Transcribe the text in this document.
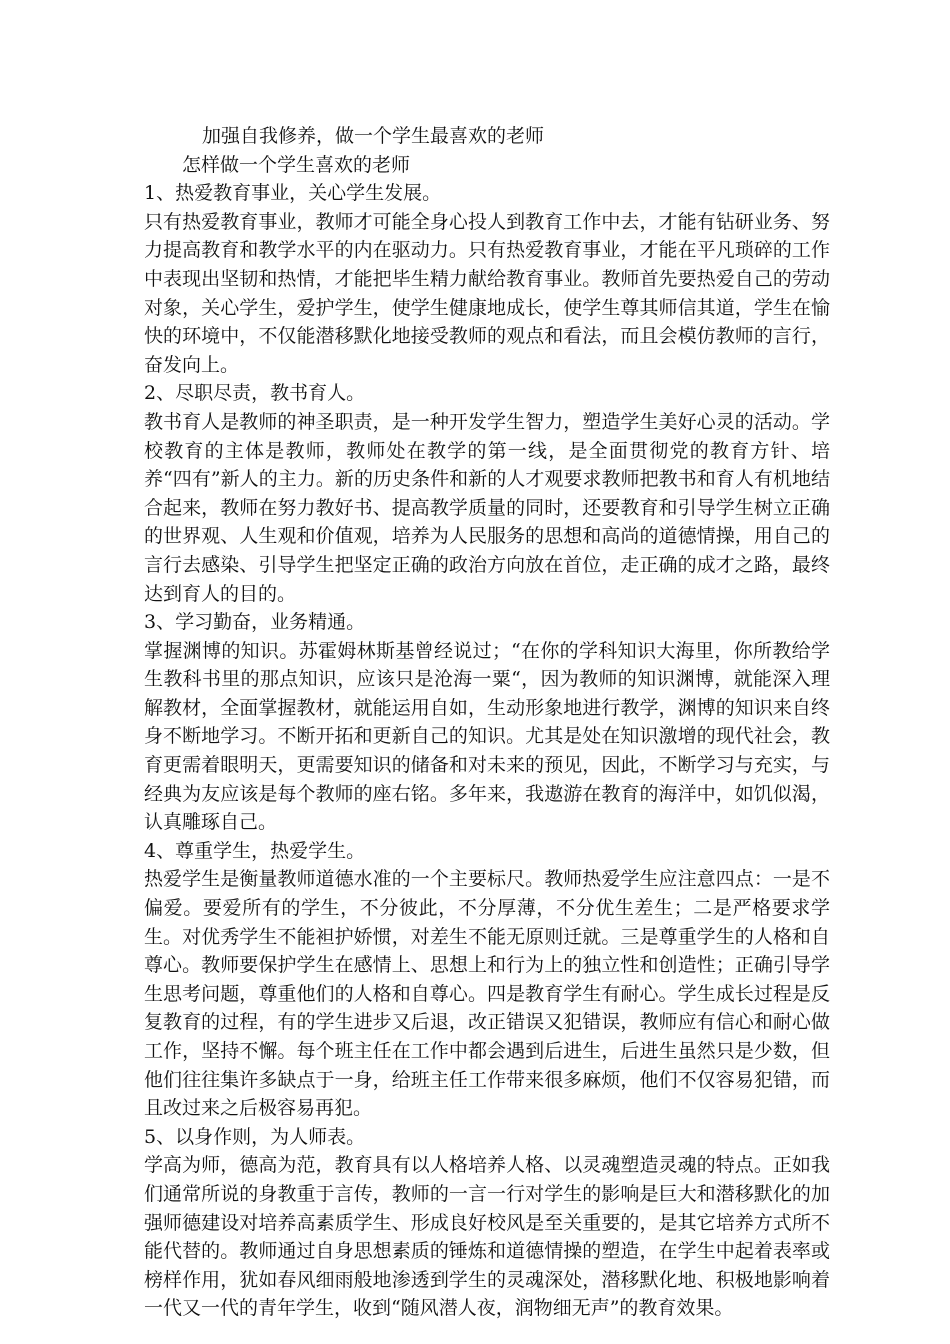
加强自我修养，做一个学生最喜欢的老师
怎样做一个学生喜欢的老师
1、热爱教育事业，关心学生发展。

只有热爱教育事业，教师才可能全身心投人到教育工作中去，才能有钻研业务、努力提高教育和教学水平的内在驱动力。只有热爱教育事业，才能在平凡琐碎的工作中表现出坚韧和热情，才能把毕生精力献给教育事业。教师首先要热爱自己的劳动对象，关心学生，爱护学生，使学生健康地成长，使学生尊其师信其道，学生在愉快的环境中，不仅能潜移默化地接受教师的观点和看法，而且会模仿教师的言行，奋发向上。

2、尽职尽责，教书育人。

教书育人是教师的神圣职责，是一种开发学生智力，塑造学生美好心灵的活动。学校教育的主体是教师，教师处在教学的第一线，是全面贯彻党的教育方针、培养“四有”新人的主力。新的历史条件和新的人才观要求教师把教书和育人有机地结合起来，教师在努力教好书、提高教学质量的同时，还要教育和引导学生树立正确的世界观、人生观和价值观，培养为人民服务的思想和高尚的道德情操，用自己的言行去感染、引导学生把坚定正确的政治方向放在首位，走正确的成才之路，最终达到育人的目的。

3、学习勤奋，业务精通。

掌握渊博的知识。苏霍姆林斯基曾经说过；“在你的学科知识大海里，你所教给学生教科书里的那点知识，应该只是沧海一粟“，因为教师的知识渊博，就能深入理解教材，全面掌握教材，就能运用自如，生动形象地进行教学，渊博的知识来自终身不断地学习。不断开拓和更新自己的知识。尤其是处在知识激增的现代社会，教育更需着眼明天，更需要知识的储备和对未来的预见，因此，不断学习与充实，与经典为友应该是每个教师的座右铭。多年来，我遨游在教育的海洋中，如饥似渴，认真雕琢自己。

4、尊重学生，热爱学生。

热爱学生是衡量教师道德水准的一个主要标尺。教师热爱学生应注意四点：一是不偏爱。要爱所有的学生，不分彼此，不分厚薄，不分优生差生；二是严格要求学生。对优秀学生不能袒护娇惯，对差生不能无原则迁就。三是尊重学生的人格和自尊心。教师要保护学生在感情上、思想上和行为上的独立性和创造性；正确引导学生思考问题，尊重他们的人格和自尊心。四是教育学生有耐心。学生成长过程是反复教育的过程，有的学生进步又后退，改正错误又犯错误，教师应有信心和耐心做工作，坚持不懈。每个班主任在工作中都会遇到后进生，后进生虽然只是少数，但他们往往集许多缺点于一身，给班主任工作带来很多麻烦，他们不仅容易犯错，而且改过来之后极容易再犯。

5、以身作则，为人师表。

学高为师，德高为范，教育具有以人格培养人格、以灵魂塑造灵魂的特点。正如我们通常所说的身教重于言传，教师的一言一行对学生的影响是巨大和潜移默化的加强师德建设对培养高素质学生、形成良好校风是至关重要的，是其它培养方式所不能代替的。教师通过自身思想素质的锤炼和道德情操的塑造，在学生中起着表率或榜样作用，犹如春风细雨般地渗透到学生的灵魂深处，潜移默化地、积极地影响着一代又一代的青年学生，收到“随风潜人夜，润物细无声”的教育效果。
